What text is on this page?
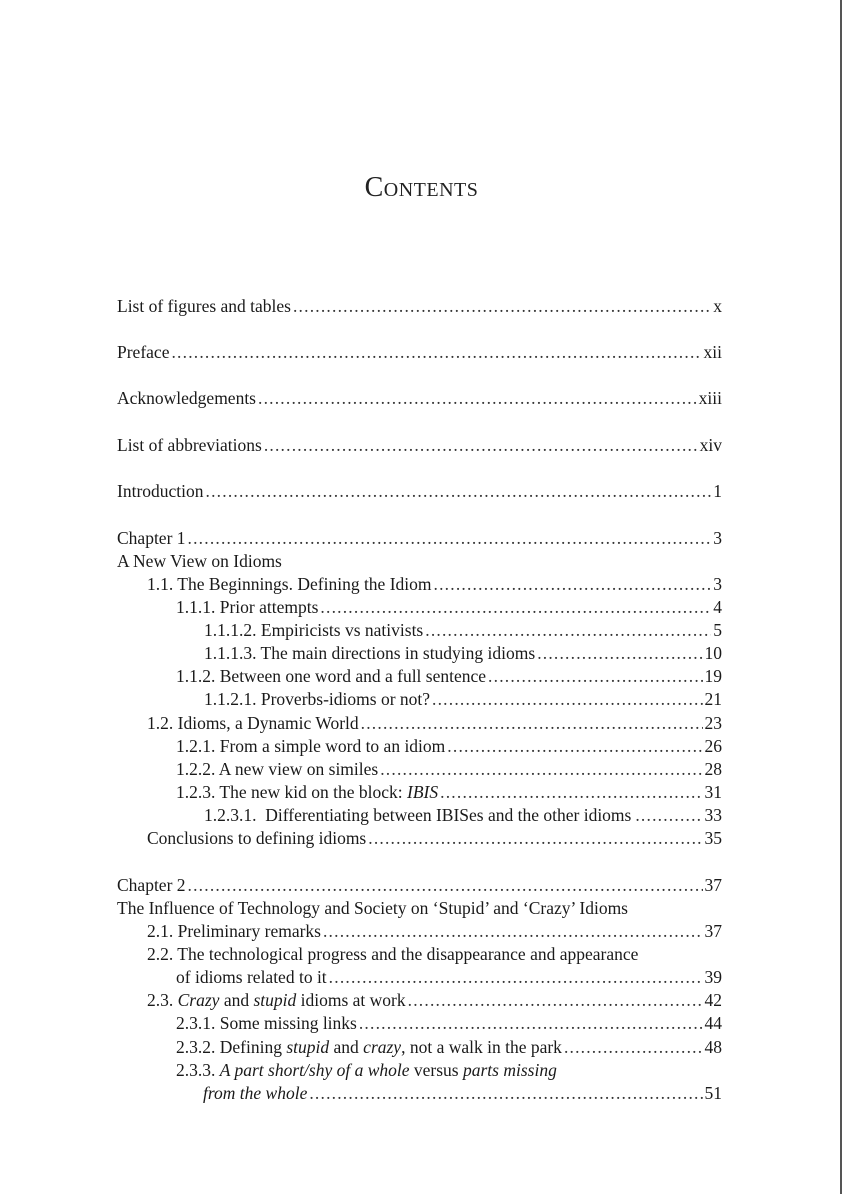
Contents
List of figures and tables .....	x
Preface .....	xii
Acknowledgements .....	xiii
List of abbreviations .....	xiv
Introduction .....	1
Chapter 1 .....	3
A New View on Idioms
1.1. The Beginnings. Defining the Idiom .....	3
1.1.1. Prior attempts .....	4
1.1.1.2. Empiricists vs nativists .....	5
1.1.1.3. The main directions in studying idioms .....	10
1.1.2. Between one word and a full sentence .....	19
1.1.2.1. Proverbs-idioms or not? .....	21
1.2. Idioms, a Dynamic World .....	23
1.2.1. From a simple word to an idiom .....	26
1.2.2. A new view on similes .....	28
1.2.3. The new kid on the block: IBIS .....	31
1.2.3.1.  Differentiating between IBISes and the other idioms .....	33
Conclusions to defining idioms .....	35
Chapter 2 .....	37
The Influence of Technology and Society on ‘Stupid’ and ‘Crazy’ Idioms
2.1. Preliminary remarks .....	37
2.2. The technological progress and the disappearance and appearance
of idioms related to it .....	39
2.3. Crazy and stupid idioms at work .....	42
2.3.1. Some missing links .....	44
2.3.2. Defining stupid and crazy, not a walk in the park .....	48
2.3.3. A part short/shy of a whole versus parts missing
from the whole .....	51
